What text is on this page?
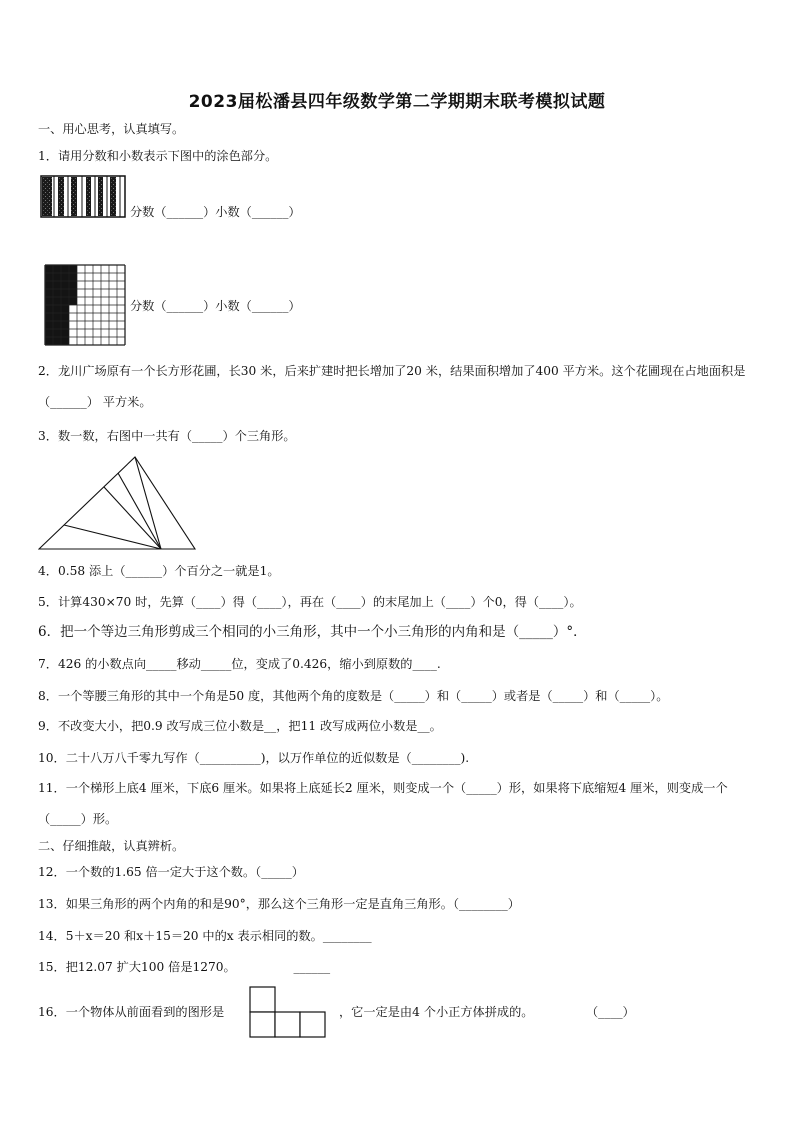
2023届松潘县四年级数学第二学期期末联考模拟试题
一、用心思考，认真填写。
1．请用分数和小数表示下图中的涂色部分。
分数（______）小数（______）
分数（______）小数（______）
2．龙川广场原有一个长方形花圃，长30 米，后来扩建时把长增加了20 米，结果面积增加了400 平方米。这个花圃现在占地面积是（______） 平方米。
3．数一数，右图中一共有（_____）个三角形。
4．0.58 添上（______）个百分之一就是1。
5．计算430×70 时，先算（____）得（____），再在（____）的末尾加上（____）个0，得（____）。
6．把一个等边三角形剪成三个相同的小三角形，其中一个小三角形的内角和是（_____）°．
7．426 的小数点向_____移动_____位，变成了0.426，缩小到原数的____.
8．一个等腰三角形的其中一个角是50 度，其他两个角的度数是（_____）和（_____）或者是（_____）和（_____）。
9．不改变大小，把0.9 改写成三位小数是__，把11 改写成两位小数是__。
10．二十八万八千零九写作（__________)，以万作单位的近似数是（________).
11．一个梯形上底4 厘米，下底6 厘米。如果将上底延长2 厘米，则变成一个（_____）形，如果将下底缩短4 厘米，则变成一个（_____）形。
二、仔细推敲，认真辨析。
12．一个数的1.65 倍一定大于这个数。（_____）
13．如果三角形的两个内角的和是90°，那么这个三角形一定是直角三角形。（________）
14．5＋x＝20 和x＋15＝20 中的x 表示相同的数。________
15．把12.07 扩大100 倍是1270。	______
16．一个物体从前面看到的图形是	，它一定是由4 个小正方体拼成的。	（____）
